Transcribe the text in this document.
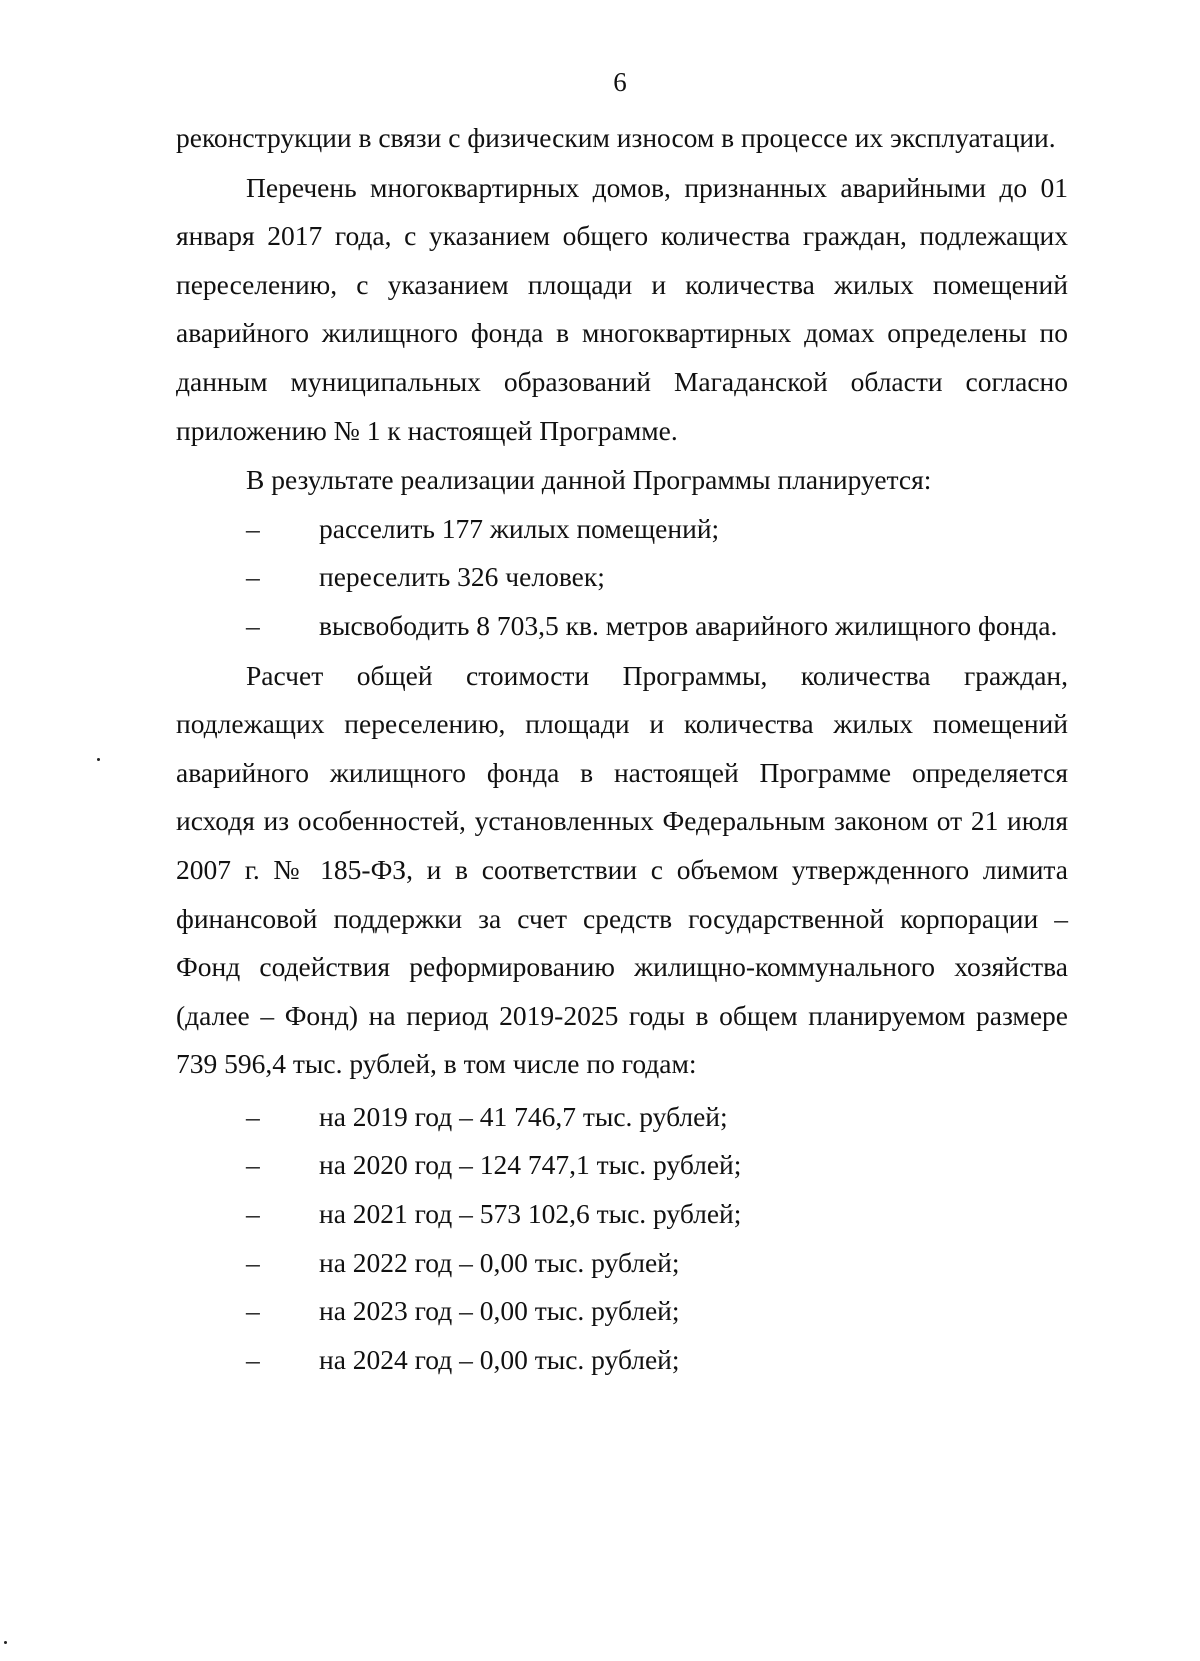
6

реконструкции в связи с физическим износом в процессе их эксплуатации.

Перечень многоквартирных домов, признанных аварийными до 01 января 2017 года, с указанием общего количества граждан, подлежащих переселению, с указанием площади и количества жилых помещений аварийного жилищного фонда в многоквартирных домах определены по данным муниципальных образований Магаданской области согласно приложению № 1 к настоящей Программе.

В результате реализации данной Программы планируется:

– расселить 177 жилых помещений;

– переселить 326 человек;

– высвободить 8 703,5 кв. метров аварийного жилищного фонда.

Расчет общей стоимости Программы, количества граждан, подлежащих переселению, площади и количества жилых помещений аварийного жилищного фонда в настоящей Программе определяется исходя из особенностей, установленных Федеральным законом от 21 июля 2007 г. № 185-ФЗ, и в соответствии с объемом утвержденного лимита финансовой поддержки за счет средств государственной корпорации – Фонд содействия реформированию жилищно-коммунального хозяйства (далее – Фонд) на период 2019-2025 годы в общем планируемом размере 739 596,4 тыс. рублей, в том числе по годам:

– на 2019 год – 41 746,7 тыс. рублей;

– на 2020 год – 124 747,1 тыс. рублей;

– на 2021 год – 573 102,6 тыс. рублей;

– на 2022 год – 0,00 тыс. рублей;

– на 2023 год – 0,00 тыс. рублей;

– на 2024 год – 0,00 тыс. рублей;
